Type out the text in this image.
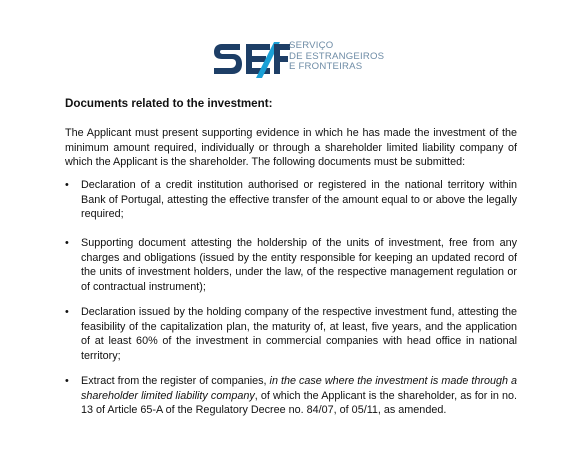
SERVIÇO
DE ESTRANGEIROS
E FRONTEIRAS
Documents related to the investment:

The Applicant must present supporting evidence in which he has made the investment of the minimum amount required, individually or through a shareholder limited liability company of which the Applicant is the shareholder. The following documents must be submitted:

•	Declaration of a credit institution authorised or registered in the national territory within Bank of Portugal, attesting the effective transfer of the amount equal to or above the legally required;
•	Supporting document attesting the holdership of the units of investment, free from any charges and obligations (issued by the entity responsible for keeping an updated record of the units of investment holders, under the law, of the respective management regulation or of contractual instrument);
•	Declaration issued by the holding company of the respective investment fund, attesting the feasibility of the capitalization plan, the maturity of, at least, five years, and the application of at least 60% of the investment in commercial companies with head office in national territory;
•	Extract from the register of companies, in the case where the investment is made through a shareholder limited liability company, of which the Applicant is the shareholder, as for in no. 13 of Article 65-A of the Regulatory Decree no. 84/07, of 05/11, as amended.
